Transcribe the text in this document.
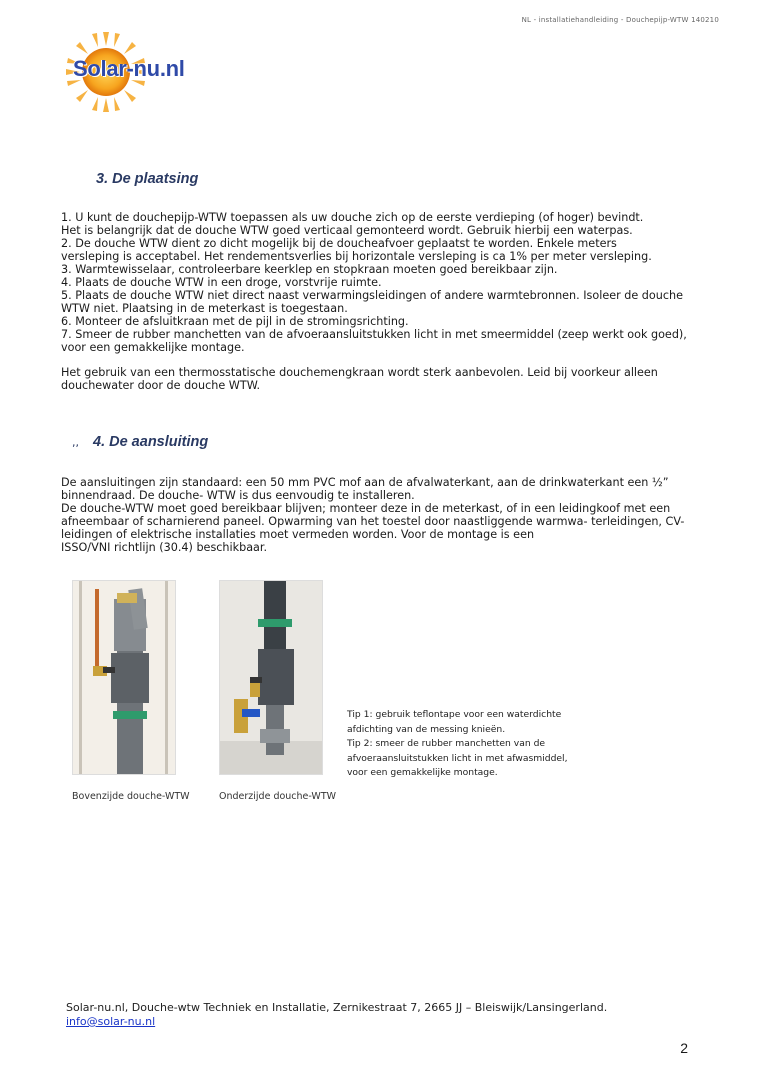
NL - installatiehandleiding - Douchepijp-WTW 140210
Solar-nu.nl
3. De plaatsing
1. U kunt de douchepijp-WTW toepassen als uw douche zich op de eerste verdieping (of hoger) bevindt.
Het is belangrijk dat de douche WTW goed verticaal gemonteerd wordt. Gebruik hierbij een waterpas.
2. De douche WTW dient zo dicht mogelijk bij de doucheafvoer geplaatst te worden. Enkele meters
versleping is acceptabel. Het rendementsverlies bij horizontale versleping is ca 1% per meter versleping.
3. Warmtewisselaar, controleerbare keerklep en stopkraan moeten goed bereikbaar zijn.
4. Plaats de douche WTW in een droge, vorstvrije ruimte.
5. Plaats de douche WTW niet direct naast verwarmingsleidingen of andere warmtebronnen. Isoleer de douche
WTW niet. Plaatsing in de meterkast is toegestaan.
6. Monteer de afsluitkraan met de pijl in de stromingsrichting.
7. Smeer de rubber manchetten van de afvoeraansluitstukken licht in met smeermiddel (zeep werkt ook goed),
voor een gemakkelijke montage.
Het gebruik van een thermosstatische douchemengkraan wordt sterk aanbevolen. Leid bij voorkeur alleen
douchewater door de douche WTW.
,, 4. De aansluiting
De aansluitingen zijn standaard: een 50 mm PVC mof aan de afvalwaterkant, aan de drinkwaterkant een ½”
binnendraad. De douche- WTW is dus eenvoudig te installeren.
De douche-WTW moet goed bereikbaar blijven; monteer deze in de meterkast, of in een leidingkoof met een
afneembaar of scharnierend paneel. Opwarming van het toestel door naastliggende warmwa- terleidingen, CV-
leidingen of elektrische installaties moet vermeden worden. Voor de montage is een
ISSO/VNI richtlijn (30.4) beschikbaar.
Bovenzijde douche-WTW	Onderzijde douche-WTW
Tip 1: gebruik teflontape voor een waterdichte
afdichting van de messing knieën.
Tip 2: smeer de rubber manchetten van de
afvoeraansluitstukken licht in met afwasmiddel,
voor een gemakkelijke montage.
Solar-nu.nl, Douche-wtw Techniek en Installatie, Zernikestraat 7, 2665 JJ – Bleiswijk/Lansingerland.
info@solar-nu.nl
2
